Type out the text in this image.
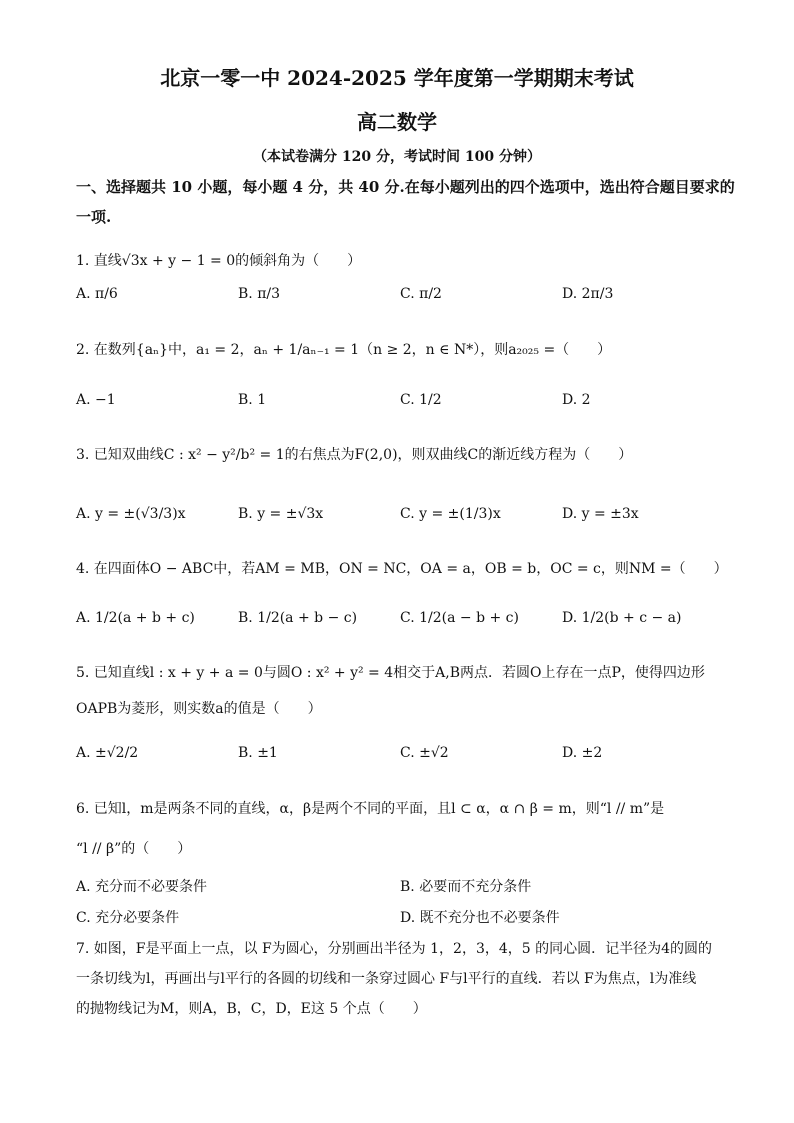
北京一零一中 2024-2025 学年度第一学期期末考试
高二数学
（本试卷满分 120 分，考试时间 100 分钟）
一、选择题共 10 小题，每小题 4 分，共 40 分.在每小题列出的四个选项中，选出符合题目要求的一项.
1. 直线√3x + y − 1 = 0的倾斜角为（　　）
A. π/6	B. π/3	C. π/2	D. 2π/3
2. 在数列{aₙ}中，a₁ = 2，aₙ + 1/aₙ₋₁ = 1（n ≥ 2，n ∈ N*），则a₂₀₂₅ =（　　）
A. −1	B. 1	C. 1/2	D. 2
3. 已知双曲线C : x² − y²/b² = 1的右焦点为F(2,0)，则双曲线C的渐近线方程为（　　）
A. y = ±(√3/3)x	B. y = ±√3x	C. y = ±(1/3)x	D. y = ±3x
4. 在四面体O − ABC中，若AM = MB，ON = NC，OA = a，OB = b，OC = c，则NM =（　　）
A. 1/2(a + b + c)	B. 1/2(a + b − c)	C. 1/2(a − b + c)	D. 1/2(b + c − a)
5. 已知直线l : x + y + a = 0与圆O : x² + y² = 4相交于A,B两点．若圆O上存在一点P，使得四边形
OAPB为菱形，则实数a的值是（　　）
A. ±√2/2	B. ±1	C. ±√2	D. ±2
6. 已知l，m是两条不同的直线，α，β是两个不同的平面，且l ⊂ α，α ∩ β = m，则“l // m”是
“l // β”的（　　）
A. 充分而不必要条件	B. 必要而不充分条件
C. 充分必要条件	D. 既不充分也不必要条件
7. 如图，F是平面上一点，以 F为圆心，分别画出半径为 1，2，3，4，5 的同心圆．记半径为4的圆的
一条切线为l，再画出与l平行的各圆的切线和一条穿过圆心 F与l平行的直线．若以 F为焦点，l为准线
的抛物线记为M，则A，B，C，D，E这 5 个点（　　）
